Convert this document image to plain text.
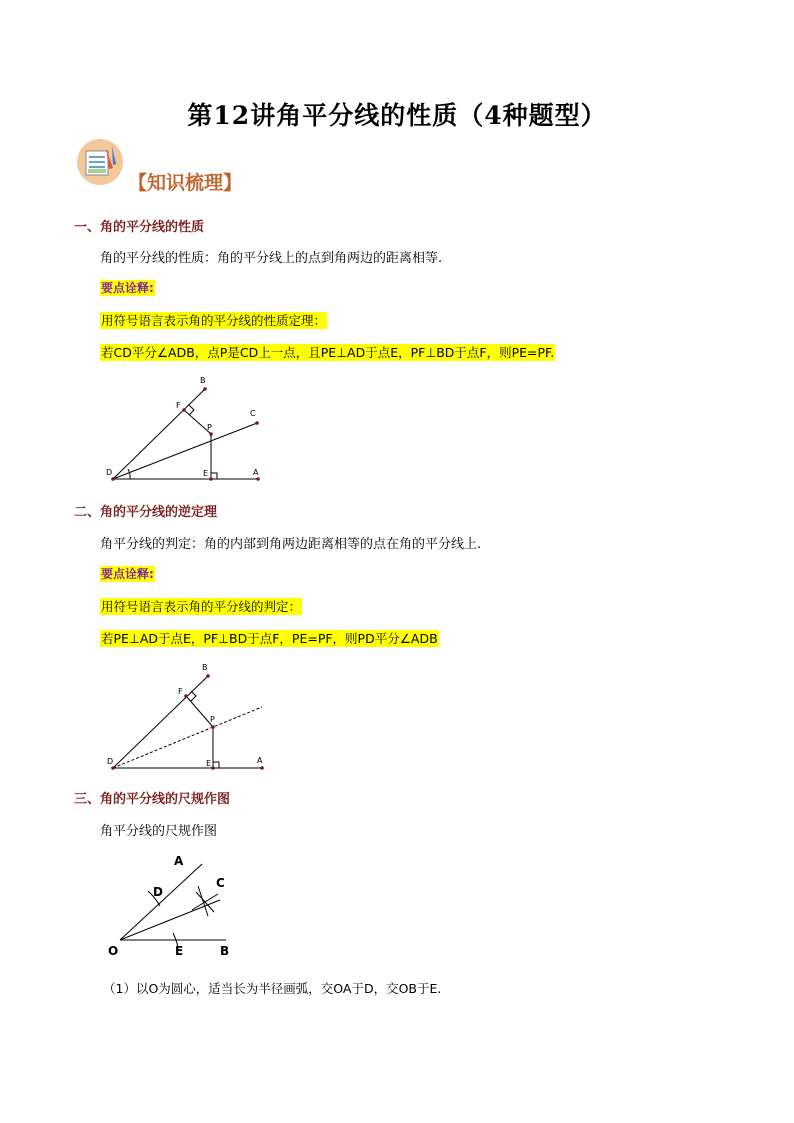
第12讲角平分线的性质（4种题型）
【知识梳理】
一、角的平分线的性质
角的平分线的性质：角的平分线上的点到角两边的距离相等.
要点诠释:
用符号语言表示角的平分线的性质定理：
若CD平分∠ADB，点P是CD上一点，且PE⊥AD于点E，PF⊥BD于点F，则PE=PF.
B
F
C
P
D	E	A
二、角的平分线的逆定理
角平分线的判定：角的内部到角两边距离相等的点在角的平分线上.
要点诠释:
用符号语言表示角的平分线的判定：
若PE⊥AD于点E，PF⊥BD于点F，PE=PF，则PD平分∠ADB
B
F
P
D	E	A
三、角的平分线的尺规作图
角平分线的尺规作图
A
D
C
O	E	B
（1）以O为圆心，适当长为半径画弧，交OA于D，交OB于E.
